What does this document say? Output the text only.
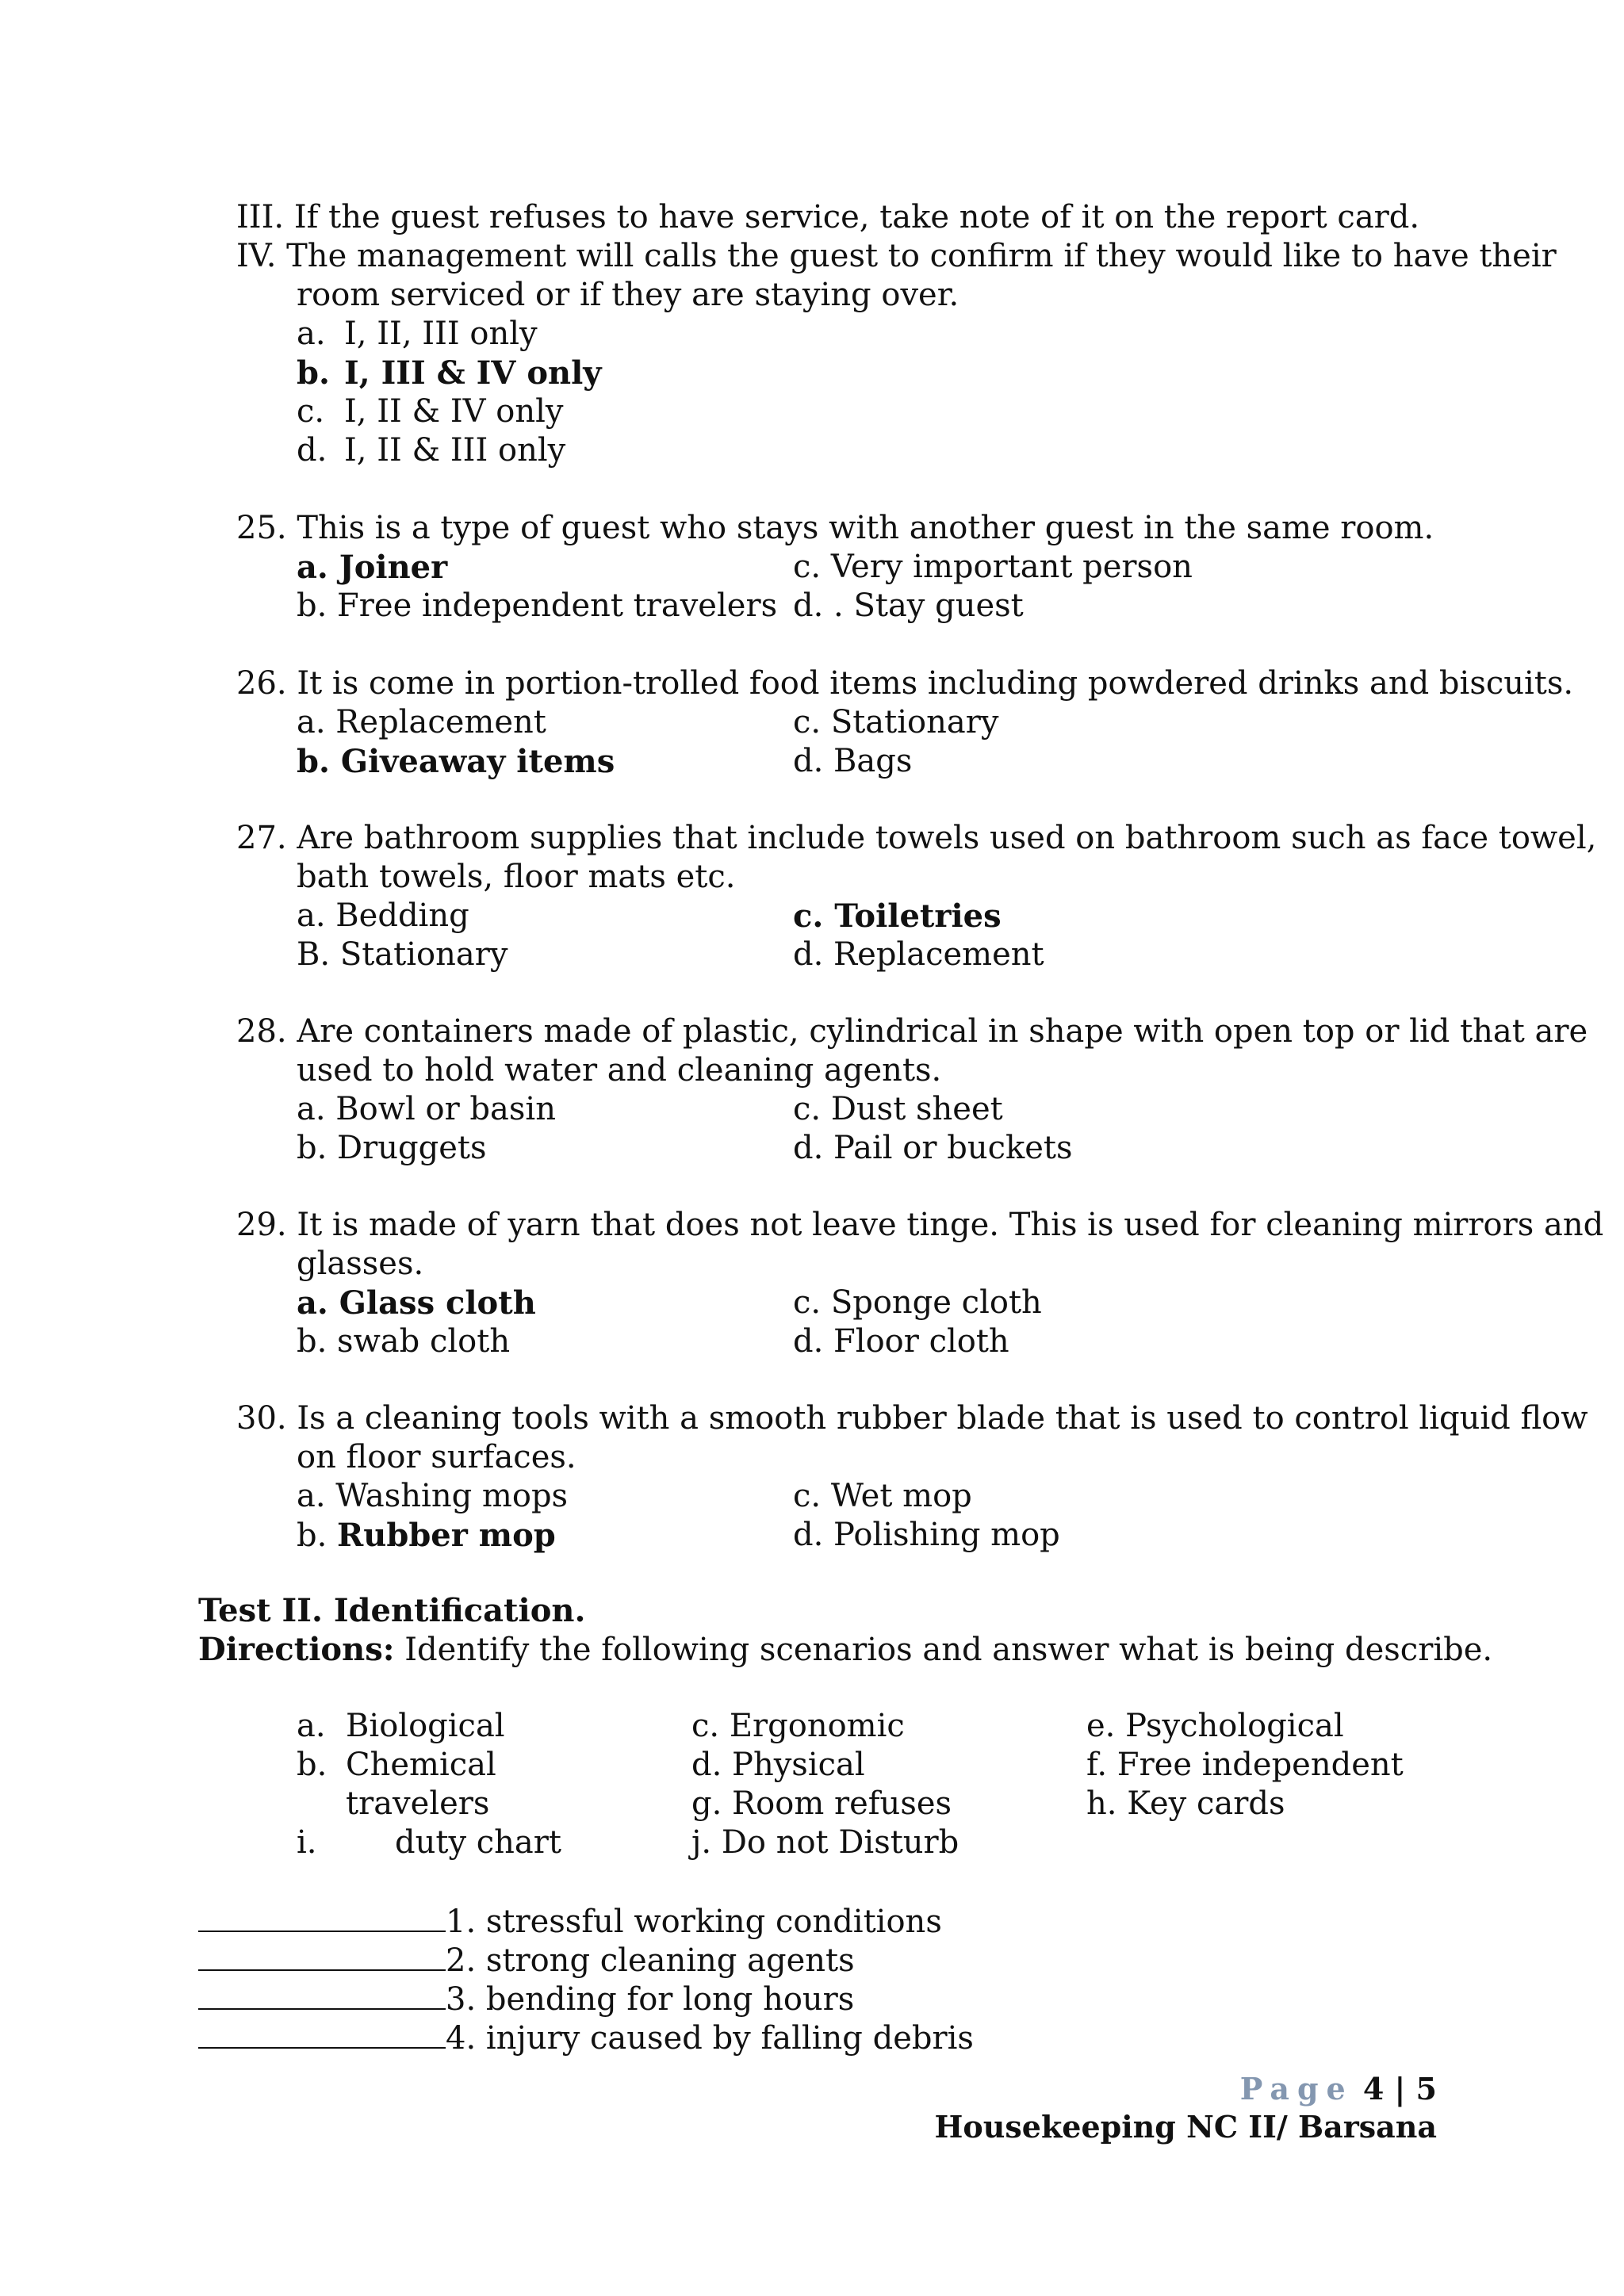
III. If the guest refuses to have service, take note of it on the report card.
IV. The management will calls the guest to confirm if they would like to have their
room serviced or if they are staying over.
a. I, II, III only
b. I, III & IV only
c. I, II & IV only
d. I, II & III only
25. This is a type of guest who stays with another guest in the same room.
a. Joiner	c. Very important person
b. Free independent travelers d. . Stay guest
26. It is come in portion-trolled food items including powdered drinks and biscuits.
a. Replacement	c. Stationary
b. Giveaway items	d. Bags
27. Are bathroom supplies that include towels used on bathroom such as face towel,
bath towels, floor mats etc.
a. Bedding	c. Toiletries
B. Stationary	d. Replacement
28. Are containers made of plastic, cylindrical in shape with open top or lid that are
used to hold water and cleaning agents.
a. Bowl or basin	c. Dust sheet
b. Druggets	d. Pail or buckets
29. It is made of yarn that does not leave tinge. This is used for cleaning mirrors and
glasses.
a. Glass cloth	c. Sponge cloth
b. swab cloth	d. Floor cloth
30. Is a cleaning tools with a smooth rubber blade that is used to control liquid flow
on floor surfaces.
a. Washing mops	c. Wet mop
b. Rubber mop	d. Polishing mop
Test II. Identification.
Directions: Identify the following scenarios and answer what is being describe.
a. Biological	c. Ergonomic	e. Psychological
b. Chemical	d. Physical	f. Free independent
travelers	g. Room refuses	h. Key cards
i. duty chart	j. Do not Disturb
1. stressful working conditions
2. strong cleaning agents
3. bending for long hours
4. injury caused by falling debris
Page 4 | 5
Housekeeping NC II/ Barsana
